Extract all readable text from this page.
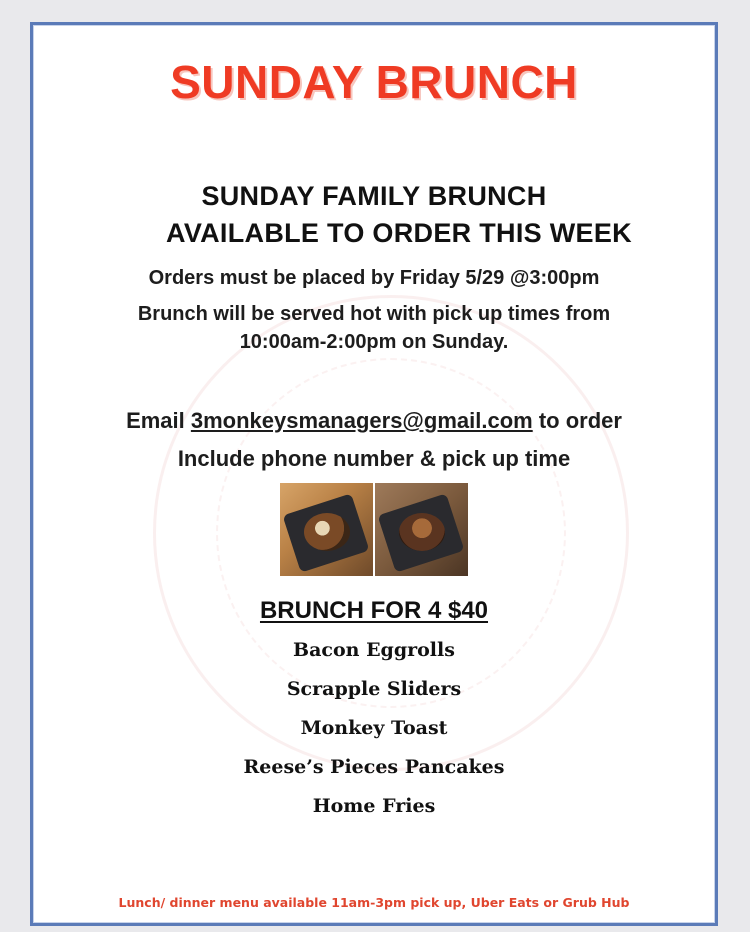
SUNDAY BRUNCH
SUNDAY FAMILY BRUNCH
AVAILABLE TO ORDER THIS WEEK
Orders must be placed by Friday 5/29 @3:00pm
Brunch will be served hot with pick up times from
10:00am-2:00pm on Sunday.
Email 3monkeysmanagers@gmail.com to order
Include phone number & pick up time
BRUNCH FOR 4 $40
Bacon Eggrolls
Scrapple Sliders
Monkey Toast
Reese’s Pieces Pancakes
Home Fries
Lunch/ dinner menu available 11am-3pm pick up, Uber Eats or Grub Hub
